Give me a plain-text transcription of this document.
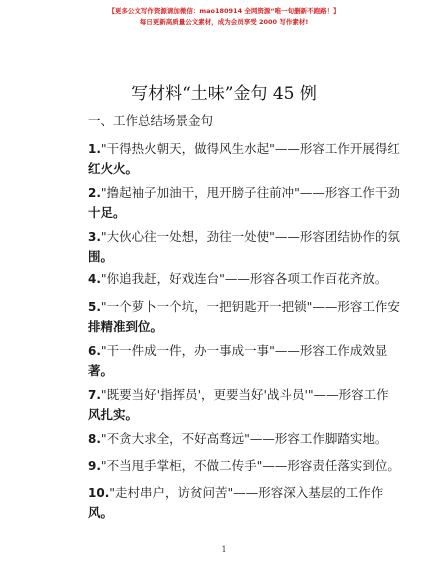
【更多公文写作资源请加微信：mao180914 全网资源“唯一旬删新不跑路！】
每日更新高质量公文素材，成为会员享受 2000 写作素材!
写材料“土味”金句 45 例
一、工作总结场景金句
1."干得热火朝天，做得风生水起"——形容工作开展得红
红火火。
2."撸起袖子加油干，甩开膀子往前冲"——形容工作干劲
十足。
3."大伙心往一处想，劲往一处使"——形容团结协作的氛
围。
4."你追我赶，好戏连台"——形容各项工作百花齐放。
5."一个萝卜一个坑，一把钥匙开一把锁"——形容工作安
排精准到位。
6."干一件成一件，办一事成一事"——形容工作成效显
著。
7."既要当好'指挥员'，更要当好'战斗员'"——形容工作
风扎实。
8."不贪大求全，不好高骛远"——形容工作脚踏实地。
9."不当甩手掌柜，不做二传手"——形容责任落实到位。
10."走村串户，访贫问苦"——形容深入基层的工作作
风。
1
